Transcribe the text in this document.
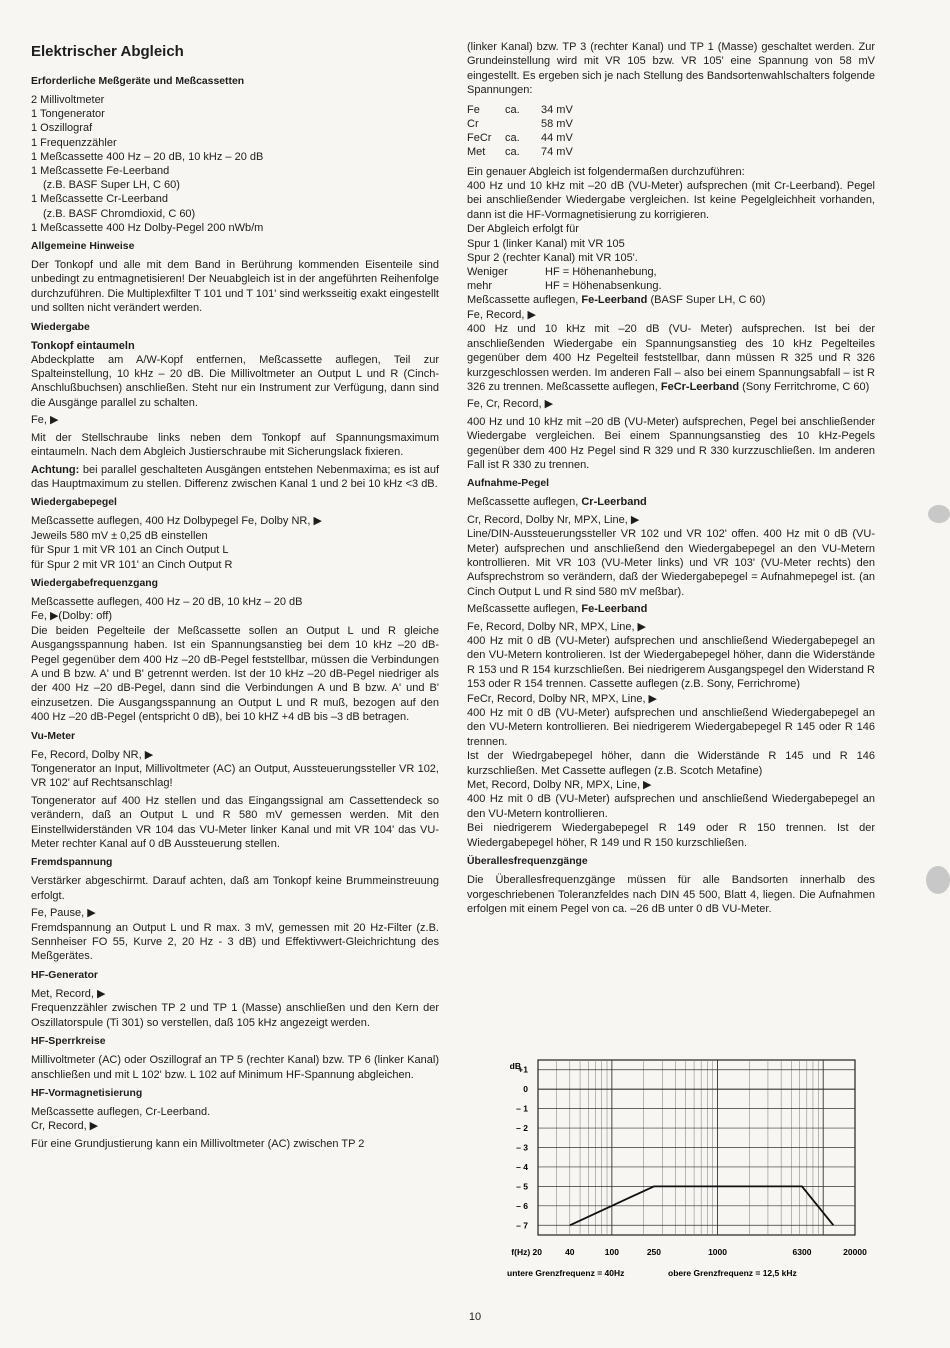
Elektrischer Abgleich
Erforderliche Meßgeräte und Meßcassetten
2 Millivoltmeter
1 Tongenerator
1 Oszillograf
1 Frequenzzähler
1 Meßcassette 400 Hz – 20 dB, 10 kHz – 20 dB
1 Meßcassette Fe-Leerband
(z.B. BASF Super LH, C 60)
1 Meßcassette Cr-Leerband
(z.B. BASF Chromdioxid, C 60)
1 Meßcassette 400 Hz Dolby-Pegel 200 nWb/m
Allgemeine Hinweise

Der Tonkopf und alle mit dem Band in Berührung kommenden Eisenteile sind unbedingt zu entmagnetisieren! Der Neuabgleich ist in der angeführten Reihenfolge durchzuführen. Die Multiplexfilter T 101 und T 101' sind werksseitig exakt eingestellt und sollten nicht verändert werden.

Wiedergabe
Tonkopf eintaumeln

Abdeckplatte am A/W-Kopf entfernen, Meßcassette auflegen, Teil zur Spalteinstellung, 10 kHz – 20 dB. Die Millivoltmeter an Output L und R (Cinch-Anschlußbuchsen) anschließen. Steht nur ein Instrument zur Verfügung, dann sind die Ausgänge parallel zu schalten.

Fe, ▶

Mit der Stellschraube links neben dem Tonkopf auf Spannungsmaximum eintaumeln. Nach dem Abgleich Justierschraube mit Sicherungslack fixieren.

Achtung: bei parallel geschalteten Ausgängen entstehen Nebenmaxima; es ist auf das Hauptmaximum zu stellen. Differenz zwischen Kanal 1 und 2 bei 10 kHz <3 dB.

Wiedergabepegel
Meßcassette auflegen, 400 Hz Dolbypegel Fe, Dolby NR, ▶
Jeweils 580 mV ± 0,25 dB einstellen
für Spur 1 mit VR 101 an Cinch Output L
für Spur 2 mit VR 101' an Cinch Output R
Wiedergabefrequenzgang
Meßcassette auflegen, 400 Hz – 20 dB, 10 kHz – 20 dB
Fe, ▶(Dolby: off)

Die beiden Pegelteile der Meßcassette sollen an Output L und R gleiche Ausgangsspannung haben. Ist ein Spannungsanstieg bei dem 10 kHz –20 dB-Pegel gegenüber dem 400 Hz –20 dB-Pegel feststellbar, müssen die Verbindungen A und B bzw. A' und B' getrennt werden. Ist der 10 kHz –20 dB-Pegel niedriger als der 400 Hz –20 dB-Pegel, dann sind die Verbindungen A und B bzw. A' und B' einzusetzen. Die Ausgangsspannung an Output L und R muß, bezogen auf den 400 Hz –20 dB-Pegel (entspricht 0 dB), bei 10 kHZ +4 dB bis –3 dB betragen.

Vu-Meter
Fe, Record, Dolby NR, ▶

Tongenerator an Input, Millivoltmeter (AC) an Output, Aussteuerungssteller VR 102, VR 102' auf Rechtsanschlag!

Tongenerator auf 400 Hz stellen und das Eingangssignal am Cassettendeck so verändern, daß an Output L und R 580 mV gemessen werden. Mit den Einstellwiderständen VR 104 das VU-Meter linker Kanal und mit VR 104' das VU-Meter rechter Kanal auf 0 dB Aussteuerung stellen.

Fremdspannung

Verstärker abgeschirmt. Darauf achten, daß am Tonkopf keine Brummeinstreuung erfolgt.

Fe, Pause, ▶

Fremdspannung an Output L und R max. 3 mV, gemessen mit 20 Hz-Filter (z.B. Sennheiser FO 55, Kurve 2, 20 Hz - 3 dB) und Effektivwert-Gleichrichtung des Meßgerätes.

HF-Generator
Met, Record, ▶

Frequenzzähler zwischen TP 2 und TP 1 (Masse) anschließen und den Kern der Oszillatorspule (Ti 301) so verstellen, daß 105 kHz angezeigt werden.

HF-Sperrkreise

Millivoltmeter (AC) oder Oszillograf an TP 5 (rechter Kanal) bzw. TP 6 (linker Kanal) anschließen und mit L 102' bzw. L 102 auf Minimum HF-Spannung abgleichen.

HF-Vormagnetisierung
Meßcassette auflegen, Cr-Leerband.
Cr, Record, ▶

Für eine Grundjustierung kann ein Millivoltmeter (AC) zwischen TP 2

(linker Kanal) bzw. TP 3 (rechter Kanal) und TP 1 (Masse) geschaltet werden. Zur Grundeinstellung wird mit VR 105 bzw. VR 105' eine Spannung von 58 mV eingestellt. Es ergeben sich je nach Stellung des Bandsortenwahlschalters folgende Spannungen:

Fe	ca.	34 mV
Cr	58 mV
FeCr	ca.	44 mV
Met	ca.	74 mV
Ein genauer Abgleich ist folgendermaßen durchzuführen:

400 Hz und 10 kHz mit –20 dB (VU-Meter) aufsprechen (mit Cr-Leerband). Pegel bei anschließender Wiedergabe vergleichen. Ist keine Pegelgleichheit vorhanden, dann ist die HF-Vormagnetisierung zu korrigieren.

Der Abgleich erfolgt für
Spur 1 (linker Kanal) mit VR 105
Spur 2 (rechter Kanal) mit VR 105'.
Weniger	HF = Höhenanhebung,
mehr	HF = Höhenabsenkung.
Meßcassette auflegen, Fe-Leerband (BASF Super LH, C 60)
Fe, Record, ▶

400 Hz und 10 kHz mit –20 dB (VU- Meter) aufsprechen. Ist bei der anschließenden Wiedergabe ein Spannungsanstieg des 10 kHz Pegelteiles gegenüber dem 400 Hz Pegelteil feststellbar, dann müssen R 325 und R 326 kurzgeschlossen werden. Im anderen Fall – also bei einem Spannungsabfall – ist R 326 zu trennen. Meßcassette auflegen, FeCr-Leerband (Sony Ferritchrome, C 60)

Fe, Cr, Record, ▶

400 Hz und 10 kHz mit –20 dB (VU-Meter) aufsprechen, Pegel bei anschließender Wiedergabe vergleichen. Bei einem Spannungsanstieg des 10 kHz-Pegels gegenüber dem 400 Hz Pegel sind R 329 und R 330 kurzzuschließen. Im anderen Fall ist R 330 zu trennen.

Aufnahme-Pegel
Meßcassette auflegen, Cr-Leerband
Cr, Record, Dolby Nr, MPX, Line, ▶

Line/DIN-Aussteuerungssteller VR 102 und VR 102' offen. 400 Hz mit 0 dB (VU-Meter) aufsprechen und anschließend den Wiedergabepegel an den VU-Metern kontrollieren. Mit VR 103 (VU-Meter links) und VR 103' (VU-Meter rechts) den Aufsprechstrom so verändern, daß der Wiedergabepegel = Aufnahmepegel ist. (an Cinch Output L und R sind 580 mV meßbar).

Meßcassette auflegen, Fe-Leerband
Fe, Record, Dolby NR, MPX, Line, ▶

400 Hz mit 0 dB (VU-Meter) aufsprechen und anschließend Wiedergabepegel an den VU-Metern kontrolieren. Ist der Wiedergabepegel höher, dann die Widerstände R 153 und R 154 kurzschließen. Bei niedrigerem Ausgangspegel den Widerstand R 153 oder R 154 trennen. Cassette auflegen (z.B. Sony, Ferrichrome)

FeCr, Record, Dolby NR, MPX, Line, ▶

400 Hz mit 0 dB (VU-Meter) aufsprechen und anschließend Wiedergabepegel an den VU-Metern kontrollieren. Bei niedrigerem Wiedergabepegel R 145 oder R 146 trennen.

Ist der Wiedrgabepegel höher, dann die Widerstände R 145 und R 146 kurzschließen. Met Cassette auflegen (z.B. Scotch Metafine)

Met, Record, Dolby NR, MPX, Line, ▶

400 Hz mit 0 dB (VU-Meter) aufsprechen und anschließend Wiedergabepegel an den VU-Metern kontrollieren.

Bei niedrigerem Wiedergabepegel R 149 oder R 150 trennen. Ist der Wiedergabepegel höher, R 149 und R 150 kurzschließen.

Überallesfrequenzgänge

Die Überallesfrequenzgänge müssen für alle Bandsorten innerhalb des vorgeschriebenen Toleranzfeldes nach DIN 45 500, Blatt 4, liegen. Die Aufnahmen erfolgen mit einem Pegel von ca. –26 dB unter 0 dB VU-Meter.

dB
untere Grenzfrequenz = 40Hz	obere Grenzfrequenz = 12,5 kHz
+1
0
– 1
– 2
– 3
– 4
– 5
– 6
– 7
f(Hz) 20	40	100	250	1000	6300	20000
10
